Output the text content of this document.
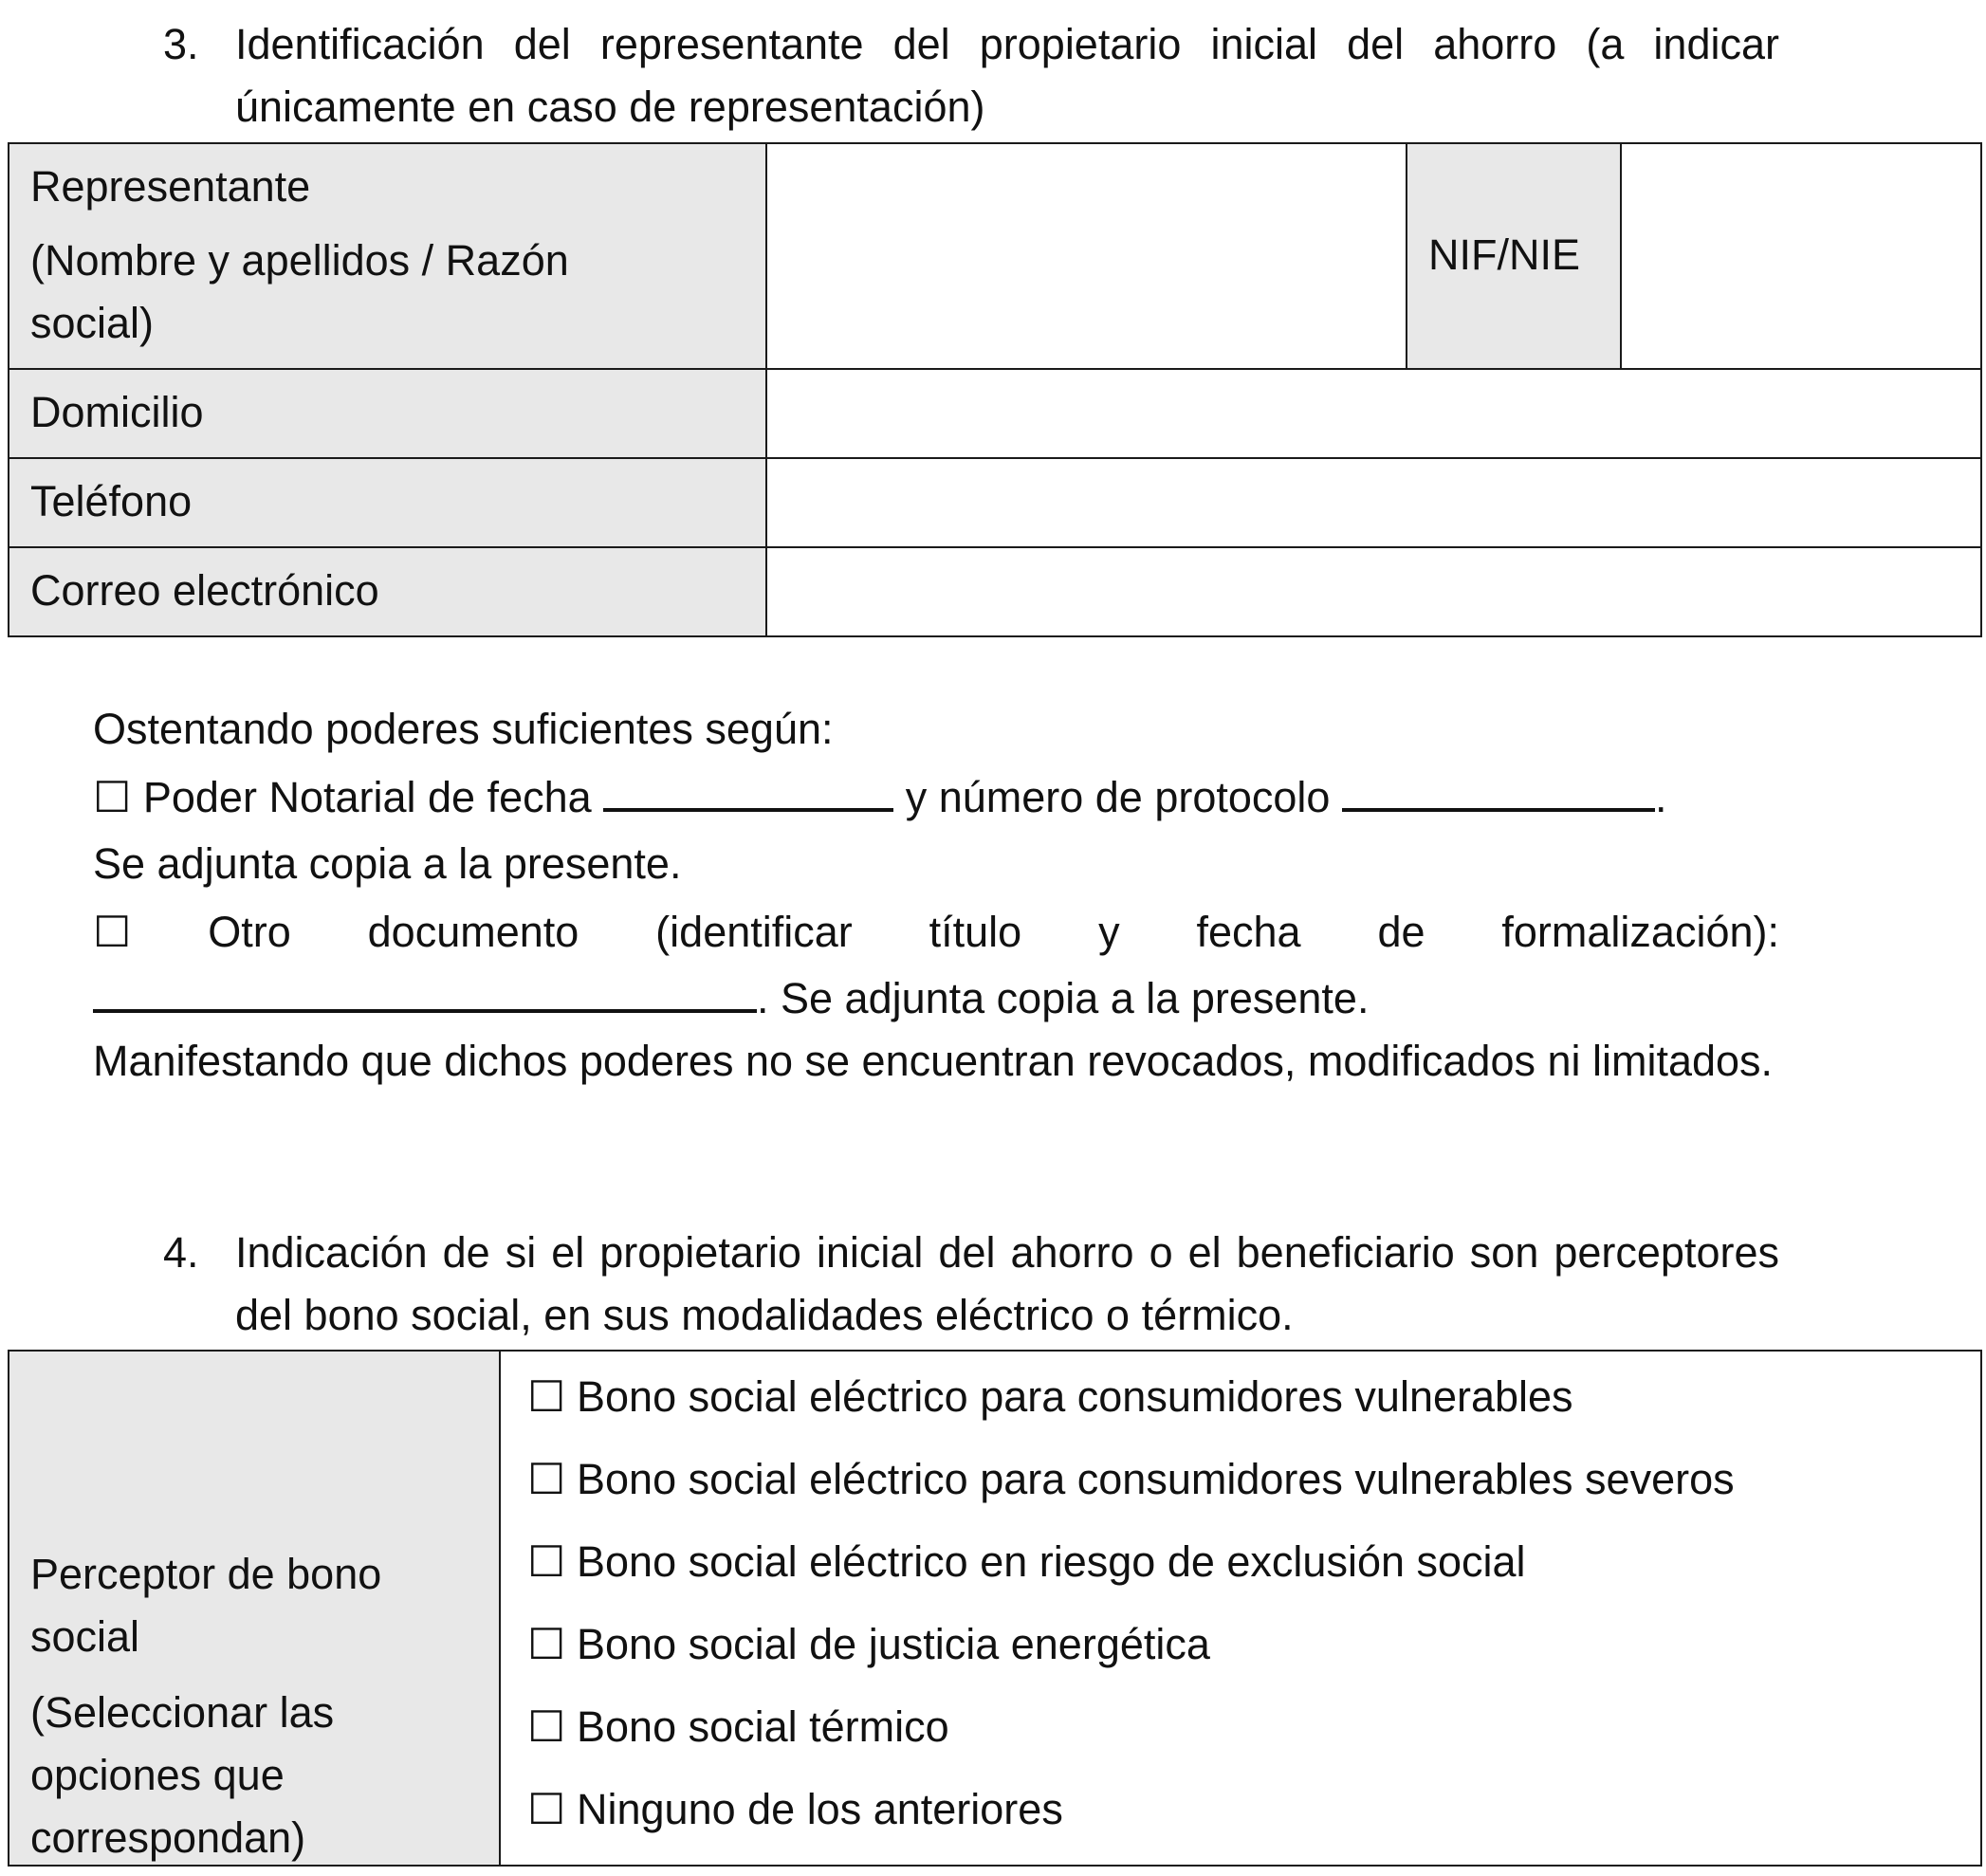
3. Identificación del representante del propietario inicial del ahorro (a indicar únicamente en caso de representación)
Representante
(Nombre y apellidos / Razón
social)
NIF/NIE
Domicilio
Teléfono
Correo electrónico
Ostentando poderes suficientes según:
☐ Poder Notarial de fecha	y número de protocolo	.
Se adjunta copia a la presente.
☐ Otro documento (identificar título y fecha de formalización):
. Se adjunta copia a la presente.
Manifestando que dichos poderes no se encuentran revocados, modificados ni limitados.
4. Indicación de si el propietario inicial del ahorro o el beneficiario son perceptores del bono social, en sus modalidades eléctrico o térmico.
Perceptor de bono
social
(Seleccionar las
opciones que
correspondan)
☐ Bono social eléctrico para consumidores vulnerables
☐ Bono social eléctrico para consumidores vulnerables severos
☐ Bono social eléctrico en riesgo de exclusión social
☐ Bono social de justicia energética
☐ Bono social térmico
☐ Ninguno de los anteriores
